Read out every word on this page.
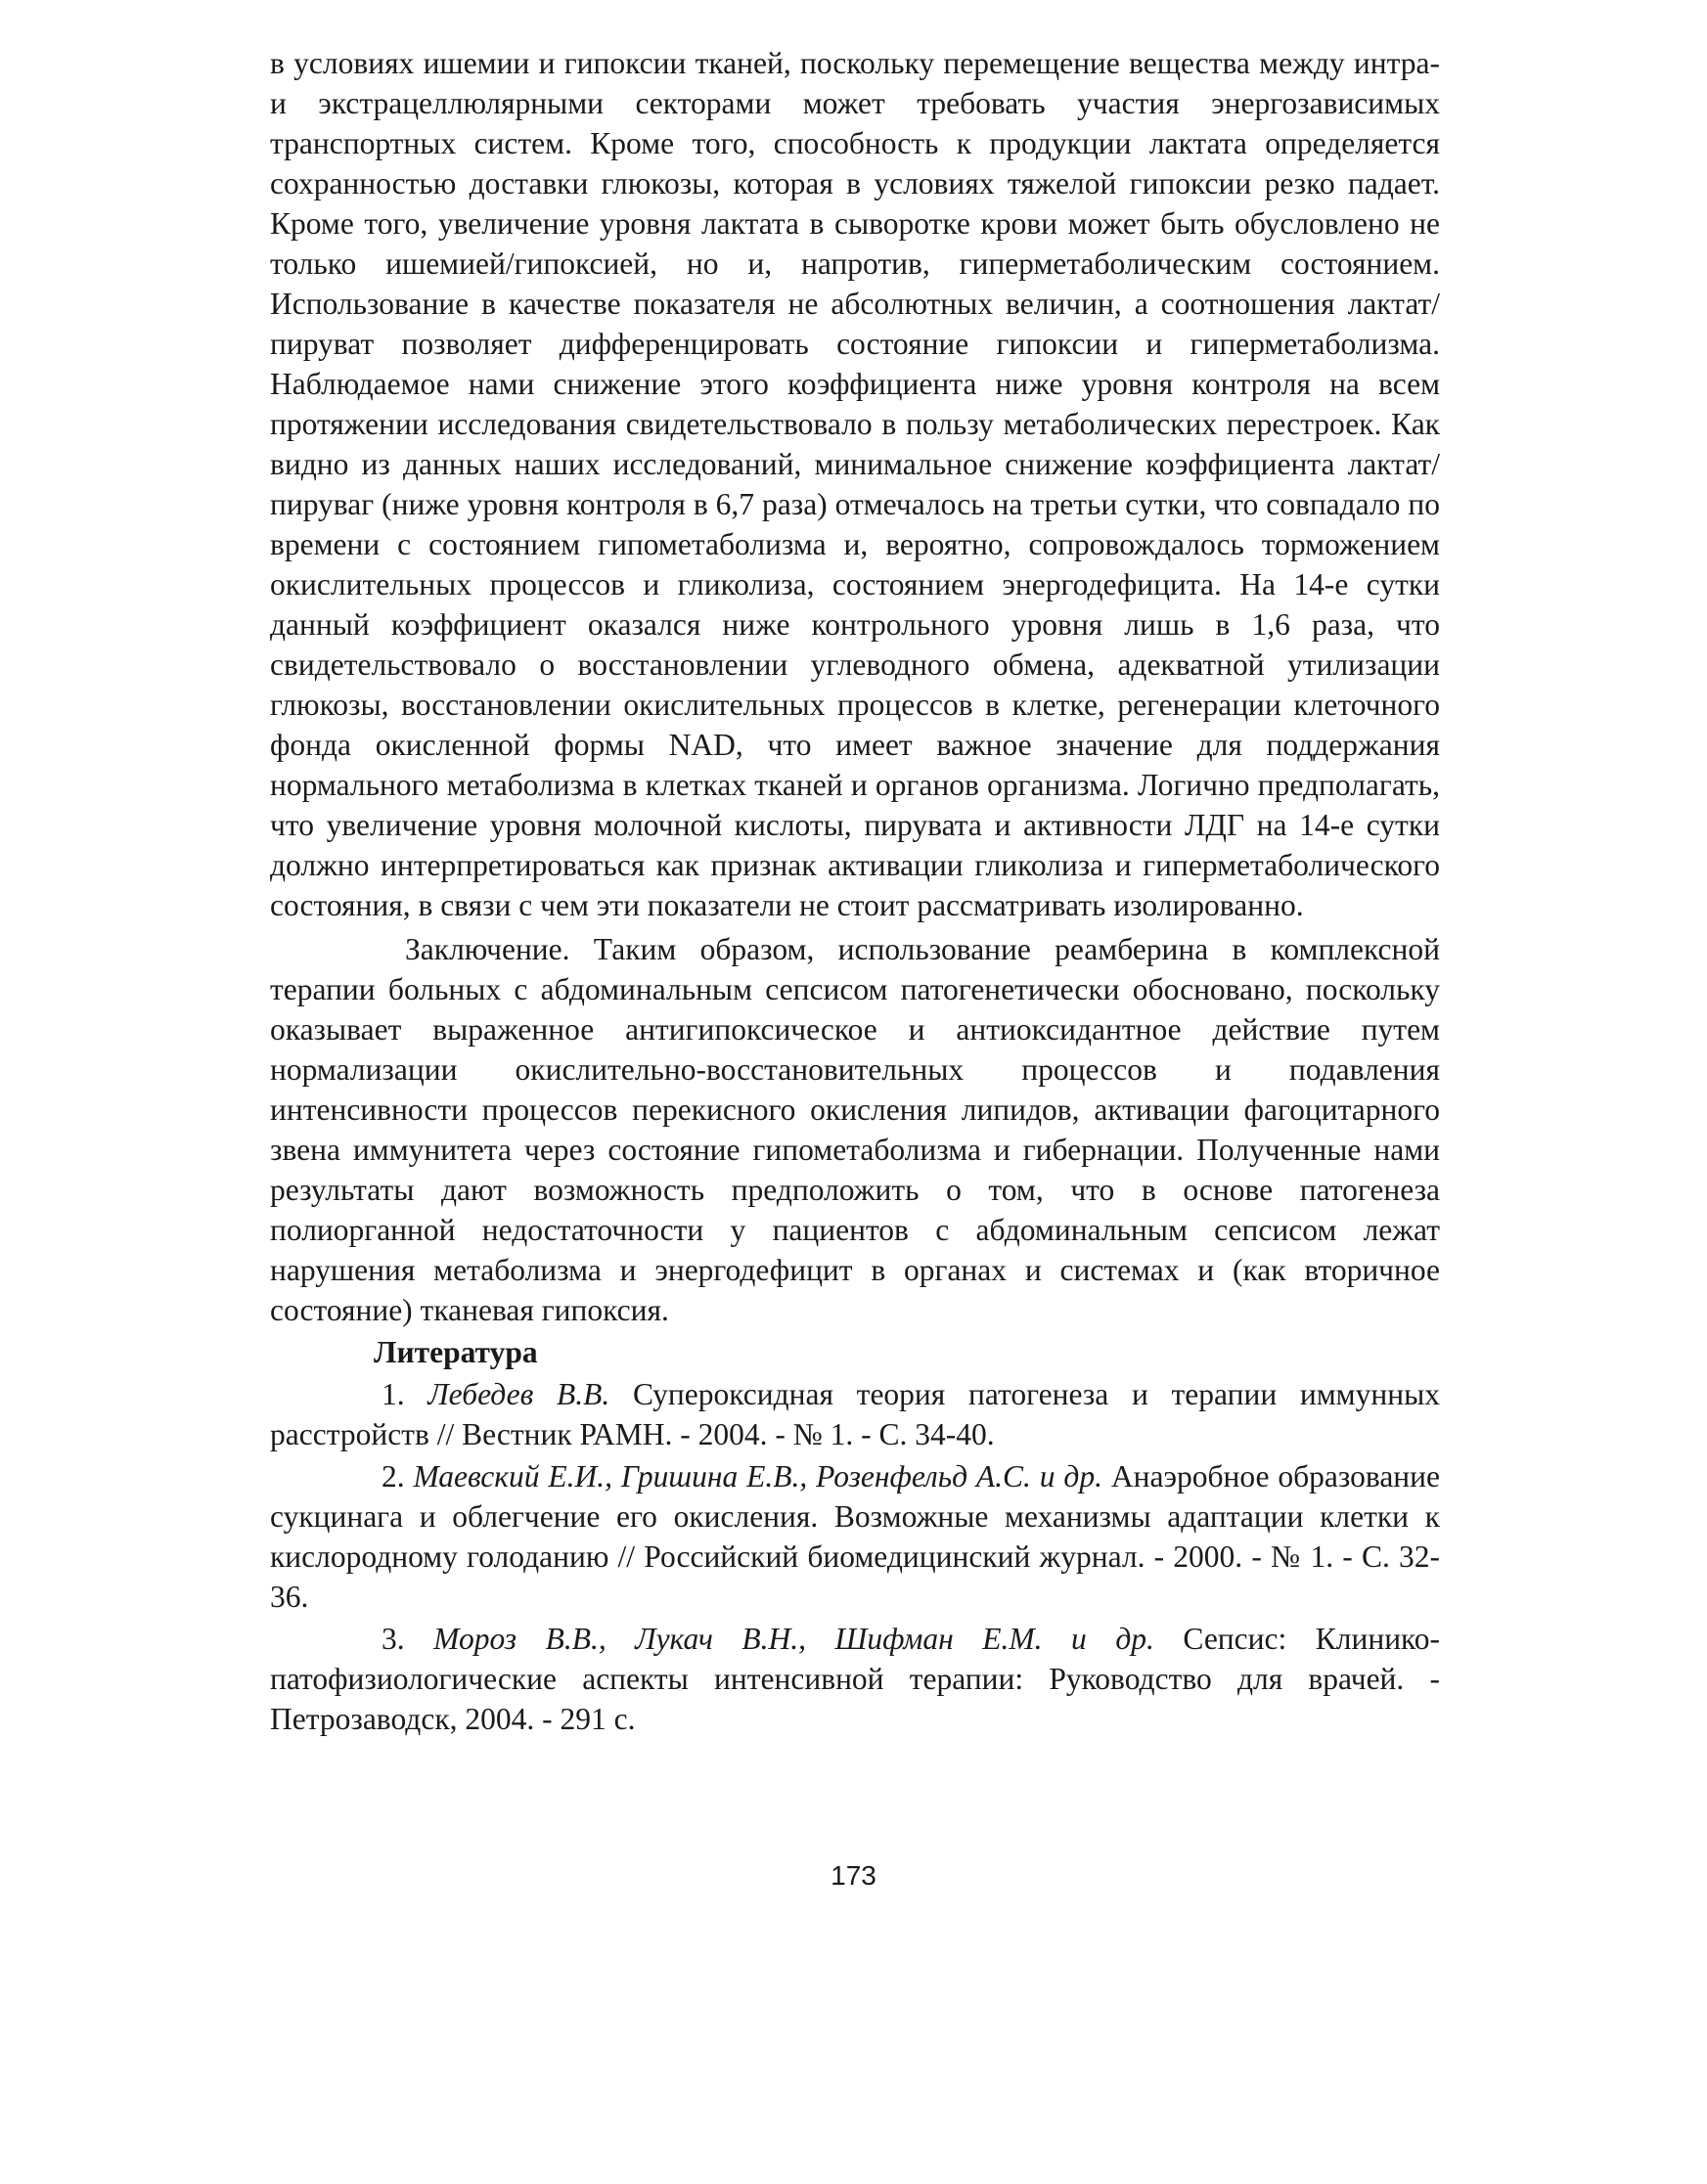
в условиях ишемии и гипоксии тканей, поскольку перемещение вещества между интра- и экстрацеллюлярными секторами может требовать участия энергозависимых транспортных систем. Кроме того, способность к продукции лактата определяется сохранностью доставки глюкозы, которая в условиях тяжелой гипоксии резко падает. Кроме того, увеличение уровня лактата в сыворотке крови может быть обусловлено не только ишемией/гипоксией, но и, напротив, гиперметаболическим состоянием. Использование в качестве показателя не абсолютных величин, а соотношения лактат/пируват позволяет дифференцировать состояние гипоксии и гиперметаболизма. Наблюдаемое нами снижение этого коэффициента ниже уровня контроля на всем протяжении исследования свидетельствовало в пользу метаболических перестроек. Как видно из данных наших исследований, минимальное снижение коэффициента лактат/пируваг (ниже уровня контроля в 6,7 раза) отмечалось на третьи сутки, что совпадало по времени с состоянием гипометаболизма и, вероятно, сопровождалось торможением окислительных процессов и гликолиза, состоянием энергодефицита. На 14-е сутки данный коэффициент оказался ниже контрольного уровня лишь в 1,6 раза, что свидетельствовало о восстановлении углеводного обмена, адекватной утилизации глюкозы, восстановлении окислительных процессов в клетке, регенерации клеточного фонда окисленной формы NAD, что имеет важное значение для поддержания нормального метаболизма в клетках тканей и органов организма. Логично предполагать, что увеличение уровня молочной кислоты, пирувата и активности ЛДГ на 14-е сутки должно интерпретироваться как признак активации гликолиза и гиперметаболического состояния, в связи с чем эти показатели не стоит рассматривать изолированно.

Заключение. Таким образом, использование реамберина в комплексной терапии больных с абдоминальным сепсисом патогенетически обосновано, поскольку оказывает выраженное антигипоксическое и антиоксидантное действие путем нормализации окислительно-восстановительных процессов и подавления интенсивности процессов перекисного окисления липидов, активации фагоцитарного звена иммунитета через состояние гипометаболизма и гибернации. Полученные нами результаты дают возможность предположить о том, что в основе патогенеза полиорганной недостаточности у пациентов с абдоминальным сепсисом лежат нарушения метаболизма и энергодефицит в органах и системах и (как вторичное состояние) тканевая гипоксия.

Литература

1. Лебедев В.В. Супероксидная теория патогенеза и терапии иммунных расстройств // Вестник РАМН. - 2004. - № 1. - С. 34-40.

2. Маевский Е.И., Гришина Е.В., Розенфельд А.С. и др. Анаэробное образование сукцинага и облегчение его окисления. Возможные механизмы адаптации клетки к кислородному голоданию // Российский биомедицинский журнал. - 2000. - № 1. - С. 32-36.

3. Мороз В.В., Лукач В.Н., Шифман Е.М. и др. Сепсис: Клинико-патофизиологические аспекты интенсивной терапии: Руководство для врачей. - Петрозаводск, 2004. - 291 с.

173
